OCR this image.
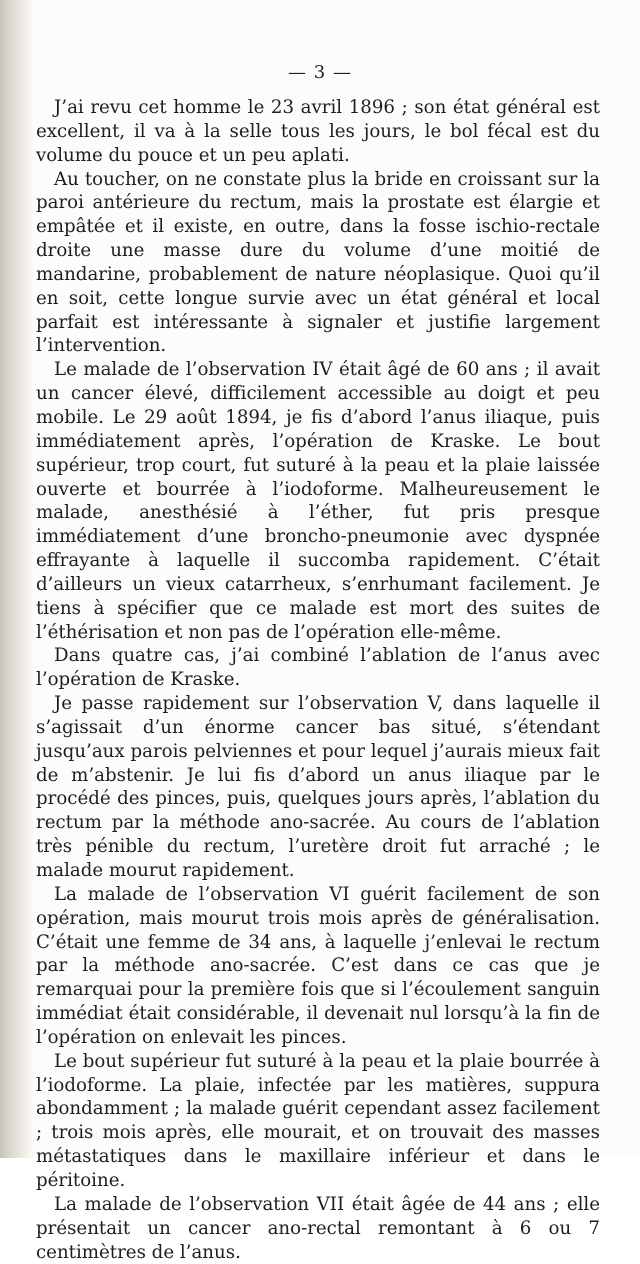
— 3 —

J’ai revu cet homme le 23 avril 1896 ; son état général est excellent, il va à la selle tous les jours, le bol fécal est du volume du pouce et un peu aplati.

Au toucher, on ne constate plus la bride en croissant sur la paroi antérieure du rectum, mais la prostate est élargie et empâtée et il existe, en outre, dans la fosse ischio-rectale droite une masse dure du volume d’une moitié de mandarine, probablement de nature néoplasique. Quoi qu’il en soit, cette longue survie avec un état général et local parfait est intéressante à signaler et justifie largement l’intervention.

Le malade de l’observation IV était âgé de 60 ans ; il avait un cancer élevé, difficilement accessible au doigt et peu mobile. Le 29 août 1894, je fis d’abord l’anus iliaque, puis immédiatement après, l’opération de Kraske. Le bout supérieur, trop court, fut suturé à la peau et la plaie laissée ouverte et bourrée à l’iodoforme. Malheureusement le malade, anesthésié à l’éther, fut pris presque immédiatement d’une broncho-pneumonie avec dyspnée effrayante à laquelle il succomba rapidement. C’était d’ailleurs un vieux catarrheux, s’enrhumant facilement. Je tiens à spécifier que ce malade est mort des suites de l’éthérisation et non pas de l’opération elle-même.

Dans quatre cas, j’ai combiné l’ablation de l’anus avec l’opération de Kraske.

Je passe rapidement sur l’observation V, dans laquelle il s’agissait d’un énorme cancer bas situé, s’étendant jusqu’aux parois pelviennes et pour lequel j’aurais mieux fait de m’abstenir. Je lui fis d’abord un anus iliaque par le procédé des pinces, puis, quelques jours après, l’ablation du rectum par la méthode ano-sacrée. Au cours de l’ablation très pénible du rectum, l’uretère droit fut arraché ; le malade mourut rapidement.

La malade de l’observation VI guérit facilement de son opération, mais mourut trois mois après de généralisation. C’était une femme de 34 ans, à laquelle j’enlevai le rectum par la méthode ano-sacrée. C’est dans ce cas que je remarquai pour la première fois que si l’écoulement sanguin immédiat était considérable, il devenait nul lorsqu’à la fin de l’opération on enlevait les pinces.

Le bout supérieur fut suturé à la peau et la plaie bourrée à l’iodoforme. La plaie, infectée par les matières, suppura abondamment ; la malade guérit cependant assez facilement ; trois mois après, elle mourait, et on trouvait des masses métastatiques dans le maxillaire inférieur et dans le péritoine.

La malade de l’observation VII était âgée de 44 ans ; elle présentait un cancer ano-rectal remontant à 6 ou 7 centimètres de l’anus.
